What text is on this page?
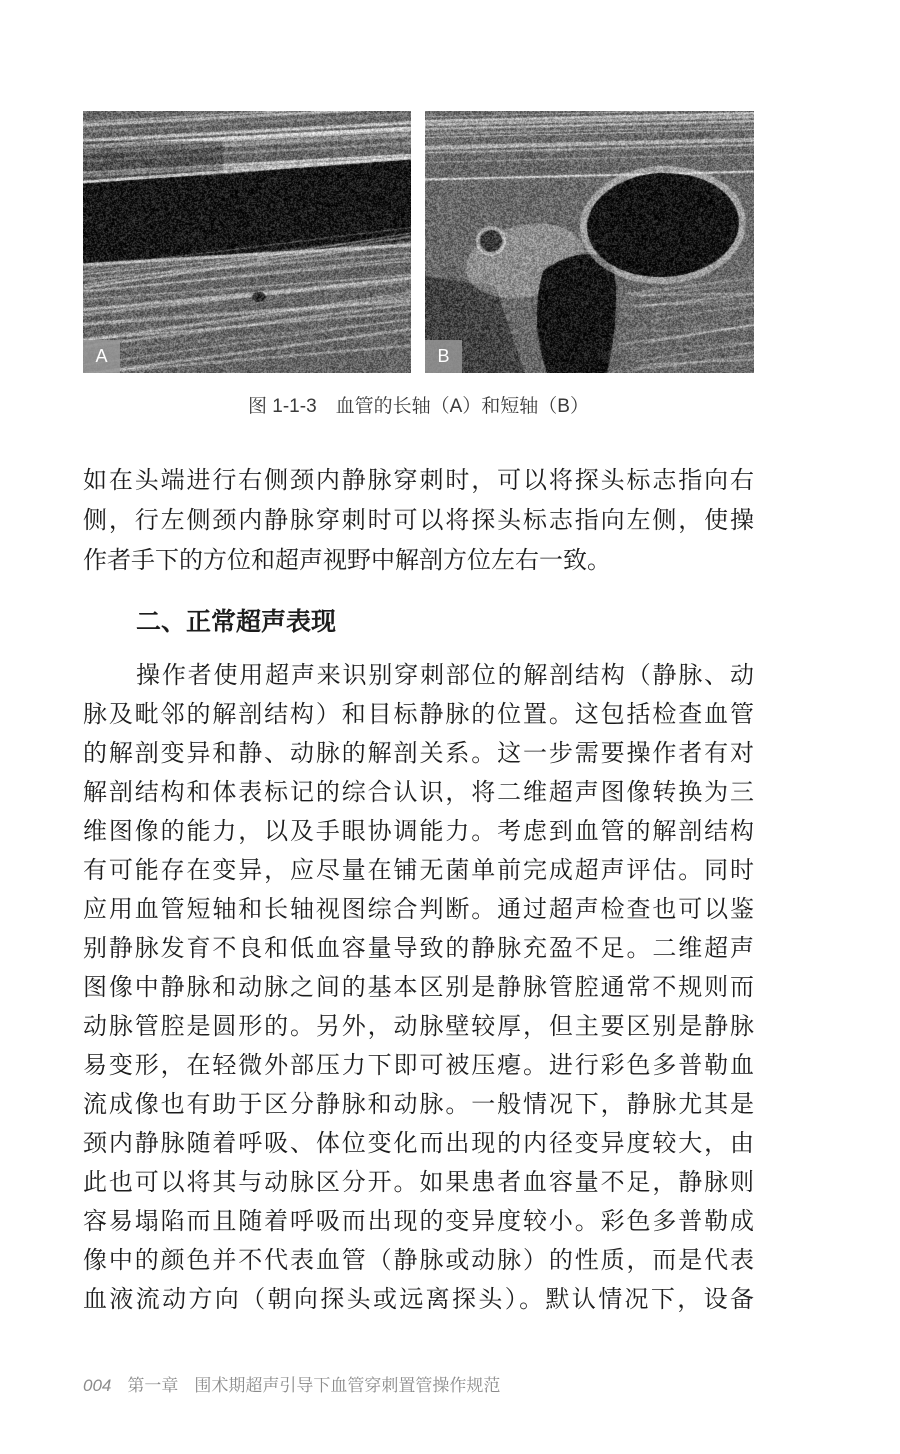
A	B
图 1-1-3　血管的长轴（A）和短轴（B）
如在头端进行右侧颈内静脉穿刺时，可以将探头标志指向右
侧，行左侧颈内静脉穿刺时可以将探头标志指向左侧，使操
作者手下的方位和超声视野中解剖方位左右一致。
二、正常超声表现
操作者使用超声来识别穿刺部位的解剖结构（静脉、动
脉及毗邻的解剖结构）和目标静脉的位置。这包括检查血管
的解剖变异和静、动脉的解剖关系。这一步需要操作者有对
解剖结构和体表标记的综合认识，将二维超声图像转换为三
维图像的能力，以及手眼协调能力。考虑到血管的解剖结构
有可能存在变异，应尽量在铺无菌单前完成超声评估。同时
应用血管短轴和长轴视图综合判断。通过超声检查也可以鉴
别静脉发育不良和低血容量导致的静脉充盈不足。二维超声
图像中静脉和动脉之间的基本区别是静脉管腔通常不规则而
动脉管腔是圆形的。另外，动脉壁较厚，但主要区别是静脉
易变形，在轻微外部压力下即可被压瘪。进行彩色多普勒血
流成像也有助于区分静脉和动脉。一般情况下，静脉尤其是
颈内静脉随着呼吸、体位变化而出现的内径变异度较大，由
此也可以将其与动脉区分开。如果患者血容量不足，静脉则
容易塌陷而且随着呼吸而出现的变异度较小。彩色多普勒成
像中的颜色并不代表血管（静脉或动脉）的性质，而是代表
血液流动方向（朝向探头或远离探头）。默认情况下，设备
004 第一章 围术期超声引导下血管穿刺置管操作规范
